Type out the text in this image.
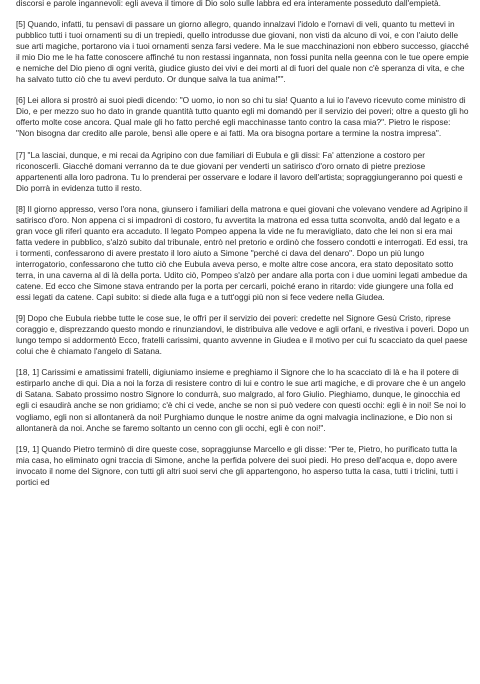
discorsi e parole ingannevoli: egli aveva il timore di Dio solo sulle labbra ed era interamente posseduto dall'empietà.

[5] Quando, infatti, tu pensavi di passare un giorno allegro, quando innalzavi l'idolo e l'ornavi di veli, quanto tu mettevi in pubblico tutti i tuoi ornamenti su di un trepiedi, quello introdusse due giovani, non visti da alcuno di voi, e con l'aiuto delle sue arti magiche, portarono via i tuoi ornamenti senza farsi vedere. Ma le sue macchinazioni non ebbero successo, giacché il mio Dio me le ha fatte conoscere affinché tu non restassi ingannata, non fossi punita nella geenna con le tue opere empie e nemiche del Dio pieno di ogni verità, giudice giusto dei vivi e dei morti al di fuori del quale non c'è speranza di vita, e che ha salvato tutto ciò che tu avevi perduto. Or dunque salva la tua anima!"".

[6] Lei allora si prostrò ai suoi piedi dicendo: "O uomo, io non so chi tu sia! Quanto a lui io l'avevo ricevuto come ministro di Dio, e per mezzo suo ho dato in grande quantità tutto quanto egli mi domandò per il servizio dei poveri; oltre a questo gli ho offerto molte cose ancora. Qual male gli ho fatto perché egli macchinasse tanto contro la casa mia?". Pietro le rispose: "Non bisogna dar credito alle parole, bensì alle opere e ai fatti. Ma ora bisogna portare a termine la nostra impresa".

[7] "La lasciai, dunque, e mi recai da Agripino con due familiari di Eubula e gli dissi: Fa' attenzione a costoro per riconoscerli. Giacché domani verranno da te due giovani per venderti un satirisco d'oro ornato di pietre preziose appartenenti alla loro padrona. Tu lo prenderai per osservare e lodare il lavoro dell'artista; sopraggiungeranno poi questi e Dio porrà in evidenza tutto il resto.

[8] Il giorno appresso, verso l'ora nona, giunsero i familiari della matrona e quei giovani che volevano vendere ad Agripino il satirisco d'oro. Non appena ci si impadronì di costoro, fu avvertita la matrona ed essa tutta sconvolta, andò dal legato e a gran voce gli riferì quanto era accaduto. Il legato Pompeo appena la vide ne fu meravigliato, dato che lei non si era mai fatta vedere in pubblico, s'alzò subito dal tribunale, entrò nel pretorio e ordinò che fossero condotti e interrogati. Ed essi, tra i tormenti, confessarono di avere prestato il loro aiuto a Simone "perché ci dava del denaro". Dopo un più lungo interrogatorio, confessarono che tutto ciò che Eubula aveva perso, e molte altre cose ancora, era stato depositato sotto terra, in una caverna al di là della porta. Udito ciò, Pompeo s'alzò per andare alla porta con i due uomini legati ambedue da catene. Ed ecco che Simone stava entrando per la porta per cercarli, poiché erano in ritardo: vide giungere una folla ed essi legati da catene. Capì subito: si diede alla fuga e a tutt'oggi più non si fece vedere nella Giudea.

[9] Dopo che Eubula riebbe tutte le cose sue, le offrì per il servizio dei poveri: credette nel Signore Gesù Cristo, riprese coraggio e, disprezzando questo mondo e rinunziandovi, le distribuiva alle vedove e agli orfani, e rivestiva i poveri. Dopo un lungo tempo si addormentò Ecco, fratelli carissimi, quanto avvenne in Giudea e il motivo per cui fu scacciato da quel paese colui che è chiamato l'angelo di Satana.

[18, 1] Carissimi e amatissimi fratelli, digiuniamo insieme e preghiamo il Signore che lo ha scacciato di là e ha il potere di estirparlo anche di qui. Dia a noi la forza di resistere contro di lui e contro le sue arti magiche, e di provare che è un angelo di Satana. Sabato prossimo nostro Signore lo condurrà, suo malgrado, al foro Giulio. Pieghiamo, dunque, le ginocchia ed egli ci esaudirà anche se non gridiamo; c'è chi ci vede, anche se non si può vedere con questi occhi: egli è in noi! Se noi lo vogliamo, egli non si allontanerà da noi! Purghiamo dunque le nostre anime da ogni malvagia inclinazione, e Dio non si allontanerà da noi. Anche se faremo soltanto un cenno con gli occhi, egli è con noi!".

[19, 1] Quando Pietro terminò di dire queste cose, sopraggiunse Marcello e gli disse: "Per te, Pietro, ho purificato tutta la mia casa, ho eliminato ogni traccia di Simone, anche la perfida polvere dei suoi piedi. Ho preso dell'acqua e, dopo avere invocato il nome del Signore, con tutti gli altri suoi servi che gli appartengono, ho asperso tutta la casa, tutti i triclini, tutti i portici ed
